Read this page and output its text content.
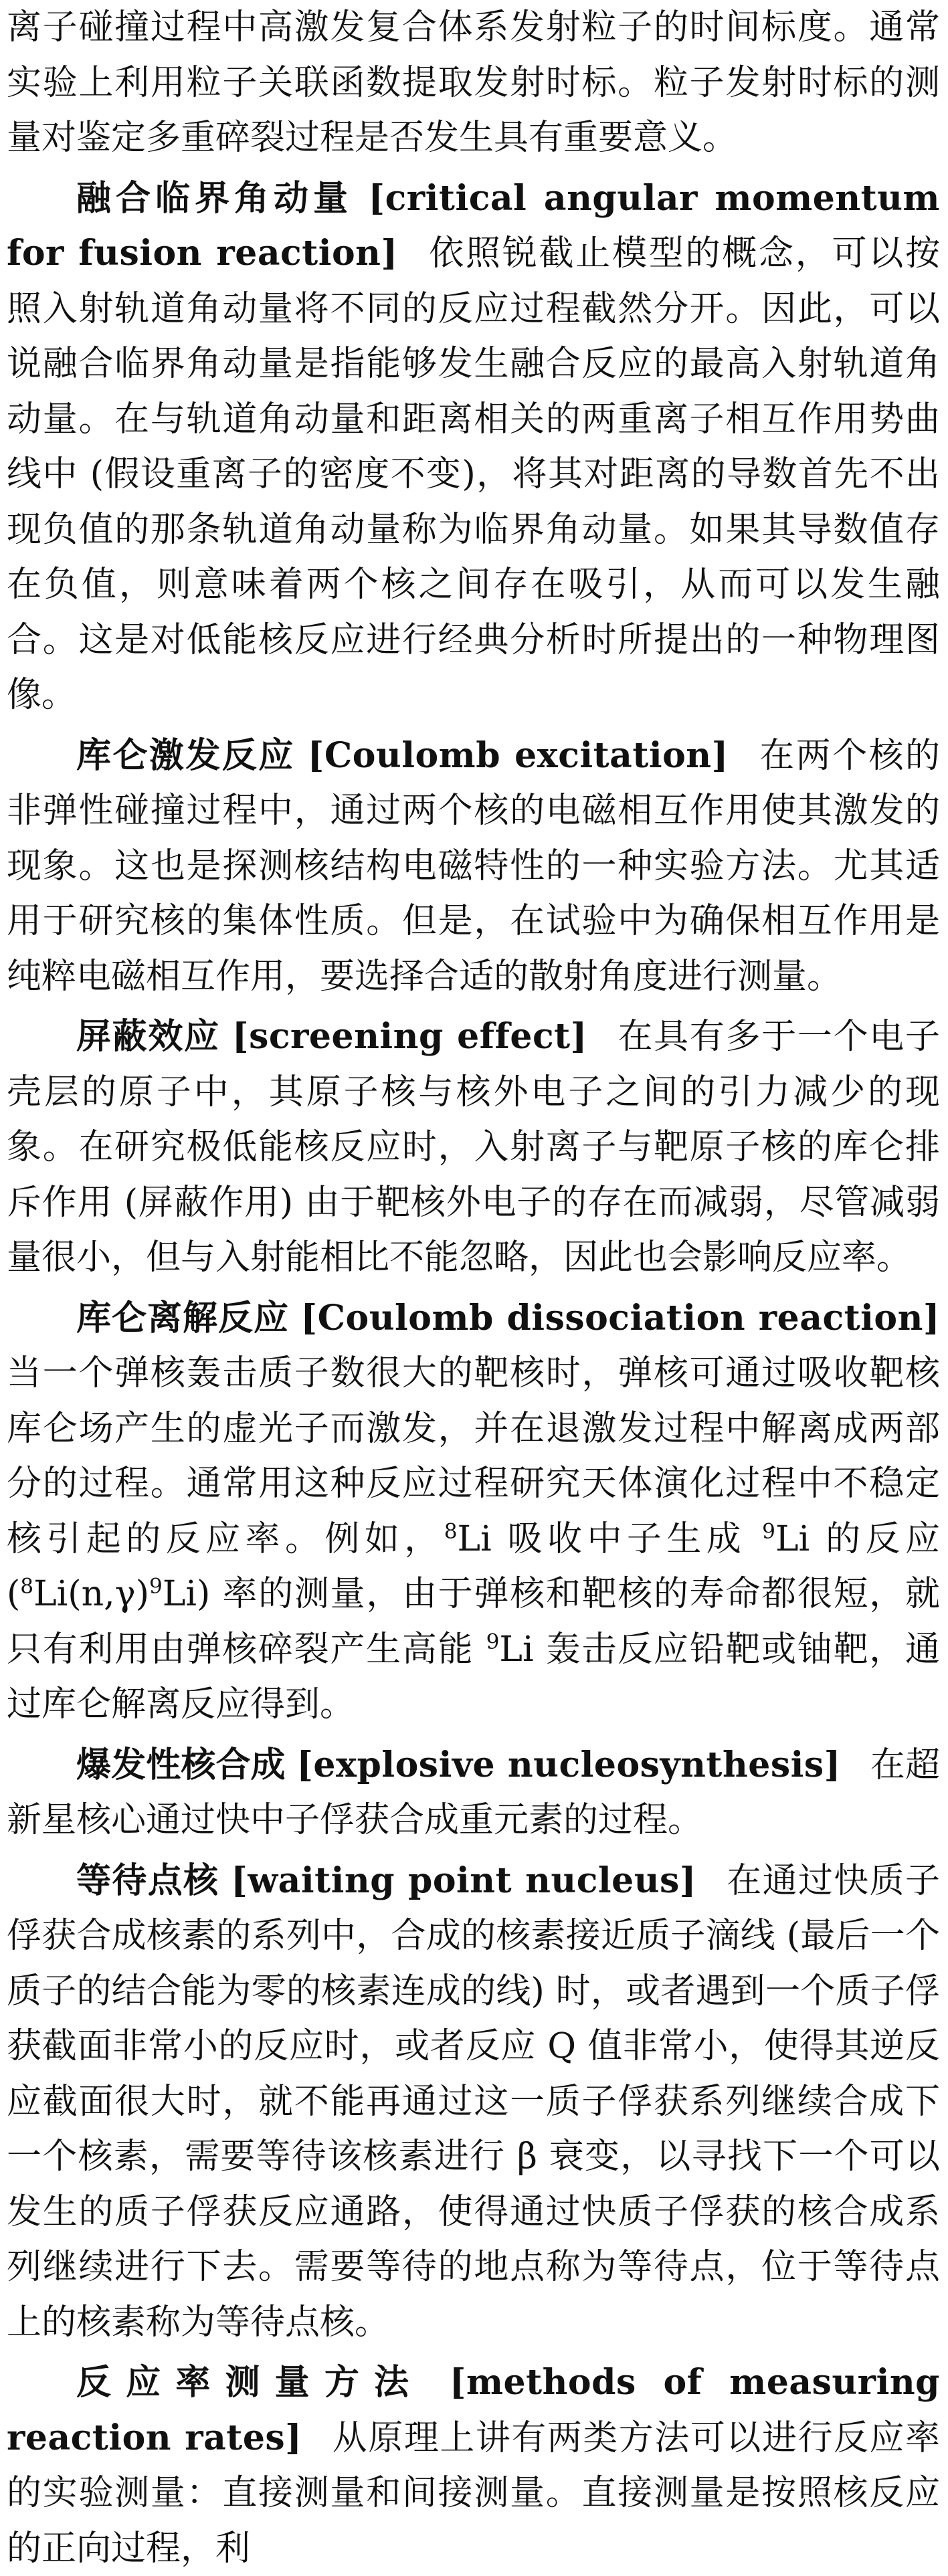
离子碰撞过程中高激发复合体系发射粒子的时间标度。通常实验上利用粒子关联函数提取发射时标。粒子发射时标的测量对鉴定多重碎裂过程是否发生具有重要意义。

融合临界角动量 [critical angular momentum for fusion reaction] 依照锐截止模型的概念，可以按照入射轨道角动量将不同的反应过程截然分开。因此，可以说融合临界角动量是指能够发生融合反应的最高入射轨道角动量。在与轨道角动量和距离相关的两重离子相互作用势曲线中 (假设重离子的密度不变)，将其对距离的导数首先不出现负值的那条轨道角动量称为临界角动量。如果其导数值存在负值，则意味着两个核之间存在吸引，从而可以发生融合。这是对低能核反应进行经典分析时所提出的一种物理图像。

库仑激发反应 [Coulomb excitation] 在两个核的非弹性碰撞过程中，通过两个核的电磁相互作用使其激发的现象。这也是探测核结构电磁特性的一种实验方法。尤其适用于研究核的集体性质。但是，在试验中为确保相互作用是纯粹电磁相互作用，要选择合适的散射角度进行测量。

屏蔽效应 [screening effect] 在具有多于一个电子壳层的原子中，其原子核与核外电子之间的引力减少的现象。在研究极低能核反应时，入射离子与靶原子核的库仑排斥作用 (屏蔽作用) 由于靶核外电子的存在而减弱，尽管减弱量很小，但与入射能相比不能忽略，因此也会影响反应率。

库仑离解反应 [Coulomb dissociation reaction] 当一个弹核轰击质子数很大的靶核时，弹核可通过吸收靶核库仑场产生的虚光子而激发，并在退激发过程中解离成两部分的过程。通常用这种反应过程研究天体演化过程中不稳定核引起的反应率。例如，$^8$Li 吸收中子生成 $^9$Li 的反应 $(^8Li(n,\gamma)^9Li)$ 率的测量，由于弹核和靶核的寿命都很短，就只有利用由弹核碎裂产生高能 $^9$Li 轰击反应铅靶或铀靶，通过库仑解离反应得到。

爆发性核合成 [explosive nucleosynthesis] 在超新星核心通过快中子俘获合成重元素的过程。

等待点核 [waiting point nucleus] 在通过快质子俘获合成核素的系列中，合成的核素接近质子滴线 (最后一个质子的结合能为零的核素连成的线) 时，或者遇到一个质子俘获截面非常小的反应时，或者反应 Q 值非常小，使得其逆反应截面很大时，就不能再通过这一质子俘获系列继续合成下一个核素，需要等待该核素进行 β 衰变，以寻找下一个可以发生的质子俘获反应通路，使得通过快质子俘获的核合成系列继续进行下去。需要等待的地点称为等待点，位于等待点上的核素称为等待点核。

反应率测量方法 [methods of measuring reaction rates] 从原理上讲有两类方法可以进行反应率的实验测量：直接测量和间接测量。直接测量是按照核反应的正向过程，利
